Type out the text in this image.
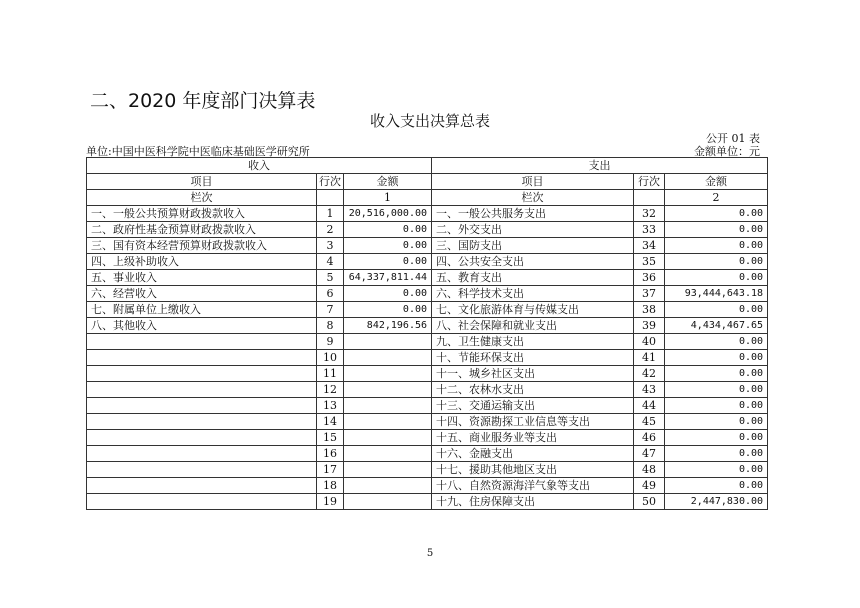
二、2020 年度部门决算表
收入支出决算总表
公开 01 表
单位:中国中医科学院中医临床基础医学研究所	金额单位：元
收入			支出		
项目	行次	金额	项目	行次	金额
栏次		1	栏次		2
一、一般公共预算财政拨款收入	1	20,516,000.00	一、一般公共服务支出	32	0.00
二、政府性基金预算财政拨款收入	2	0.00	二、外交支出	33	0.00
三、国有资本经营预算财政拨款收入	3	0.00	三、国防支出	34	0.00
四、上级补助收入	4	0.00	四、公共安全支出	35	0.00
五、事业收入	5	64,337,811.44	五、教育支出	36	0.00
六、经营收入	6	0.00	六、科学技术支出	37	93,444,643.18
七、附属单位上缴收入	7	0.00	七、文化旅游体育与传媒支出	38	0.00
八、其他收入	8	842,196.56	八、社会保障和就业支出	39	4,434,467.65
	9		九、卫生健康支出	40	0.00
	10		十、节能环保支出	41	0.00
	11		十一、城乡社区支出	42	0.00
	12		十二、农林水支出	43	0.00
	13		十三、交通运输支出	44	0.00
	14		十四、资源勘探工业信息等支出	45	0.00
	15		十五、商业服务业等支出	46	0.00
	16		十六、金融支出	47	0.00
	17		十七、援助其他地区支出	48	0.00
	18		十八、自然资源海洋气象等支出	49	0.00
	19		十九、住房保障支出	50	2,447,830.00
5
